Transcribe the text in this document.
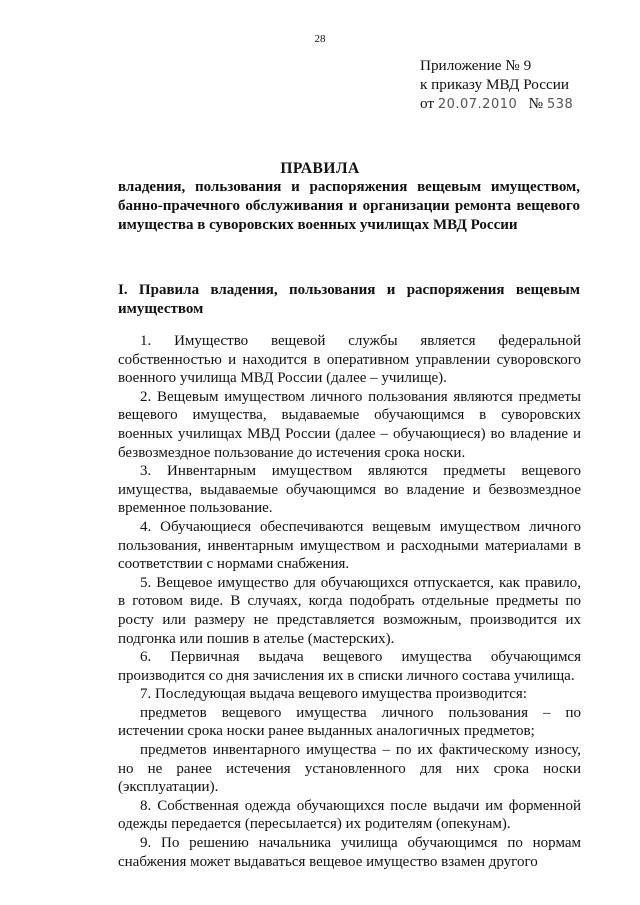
28
Приложение № 9
к приказу МВД России
от 20.07.2010 № 538
ПРАВИЛА
владения, пользования и распоряжения вещевым имуществом, банно-прачечного обслуживания и организации ремонта вещевого имущества в суворовских военных училищах МВД России
I. Правила владения, пользования и распоряжения вещевым имуществом

1. Имущество вещевой службы является федеральной собственностью и находится в оперативном управлении суворовского военного училища МВД России (далее – училище).

2. Вещевым имуществом личного пользования являются предметы вещевого имущества, выдаваемые обучающимся в суворовских военных училищах МВД России (далее – обучающиеся) во владение и безвозмездное пользование до истечения срока носки.

3. Инвентарным имуществом являются предметы вещевого имущества, выдаваемые обучающимся во владение и безвозмездное временное пользование.

4. Обучающиеся обеспечиваются вещевым имуществом личного пользования, инвентарным имуществом и расходными материалами в соответствии с нормами снабжения.

5. Вещевое имущество для обучающихся отпускается, как правило, в готовом виде. В случаях, когда подобрать отдельные предметы по росту или размеру не представляется возможным, производится их подгонка или пошив в ателье (мастерских).

6. Первичная выдача вещевого имущества обучающимся производится со дня зачисления их в списки личного состава училища.

7. Последующая выдача вещевого имущества производится:

предметов вещевого имущества личного пользования – по истечении срока носки ранее выданных аналогичных предметов;

предметов инвентарного имущества – по их фактическому износу, но не ранее истечения установленного для них срока носки (эксплуатации).

8. Собственная одежда обучающихся после выдачи им форменной одежды передается (пересылается) их родителям (опекунам).

9. По решению начальника училища обучающимся по нормам снабжения может выдаваться вещевое имущество взамен другого
